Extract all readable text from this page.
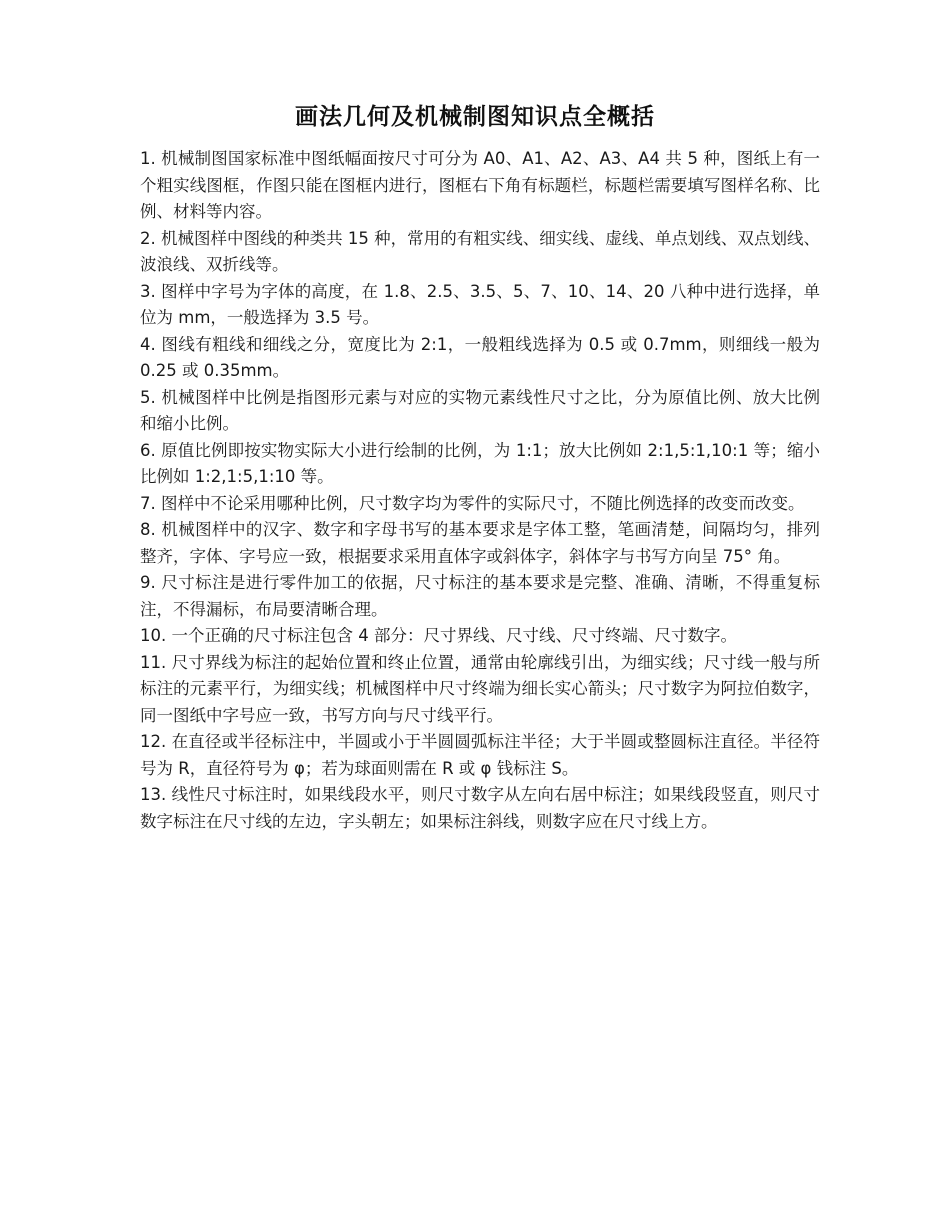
画法几何及机械制图知识点全概括
1. 机械制图国家标准中图纸幅面按尺寸可分为 A0、A1、A2、A3、A4 共 5 种，图纸上有一个粗实线图框，作图只能在图框内进行，图框右下角有标题栏，标题栏需要填写图样名称、比例、材料等内容。
2. 机械图样中图线的种类共 15 种，常用的有粗实线、细实线、虚线、单点划线、双点划线、波浪线、双折线等。
3. 图样中字号为字体的高度，在 1.8、2.5、3.5、5、7、10、14、20 八种中进行选择，单位为 mm，一般选择为 3.5 号。
4. 图线有粗线和细线之分，宽度比为 2:1，一般粗线选择为 0.5 或 0.7mm，则细线一般为 0.25 或 0.35mm。
5. 机械图样中比例是指图形元素与对应的实物元素线性尺寸之比，分为原值比例、放大比例和缩小比例。
6. 原值比例即按实物实际大小进行绘制的比例，为 1:1；放大比例如 2:1,5:1,10:1 等；缩小比例如 1:2,1:5,1:10 等。
7. 图样中不论采用哪种比例，尺寸数字均为零件的实际尺寸，不随比例选择的改变而改变。
8. 机械图样中的汉字、数字和字母书写的基本要求是字体工整，笔画清楚，间隔均匀，排列整齐，字体、字号应一致，根据要求采用直体字或斜体字，斜体字与书写方向呈 75° 角。
9. 尺寸标注是进行零件加工的依据，尺寸标注的基本要求是完整、准确、清晰，不得重复标注，不得漏标，布局要清晰合理。
10. 一个正确的尺寸标注包含 4 部分：尺寸界线、尺寸线、尺寸终端、尺寸数字。
11. 尺寸界线为标注的起始位置和终止位置，通常由轮廓线引出，为细实线；尺寸线一般与所标注的元素平行，为细实线；机械图样中尺寸终端为细长实心箭头；尺寸数字为阿拉伯数字，同一图纸中字号应一致，书写方向与尺寸线平行。
12. 在直径或半径标注中，半圆或小于半圆圆弧标注半径；大于半圆或整圆标注直径。半径符号为 R，直径符号为 φ；若为球面则需在 R 或 φ 钱标注 S。
13. 线性尺寸标注时，如果线段水平，则尺寸数字从左向右居中标注；如果线段竖直，则尺寸数字标注在尺寸线的左边，字头朝左；如果标注斜线，则数字应在尺寸线上方。
